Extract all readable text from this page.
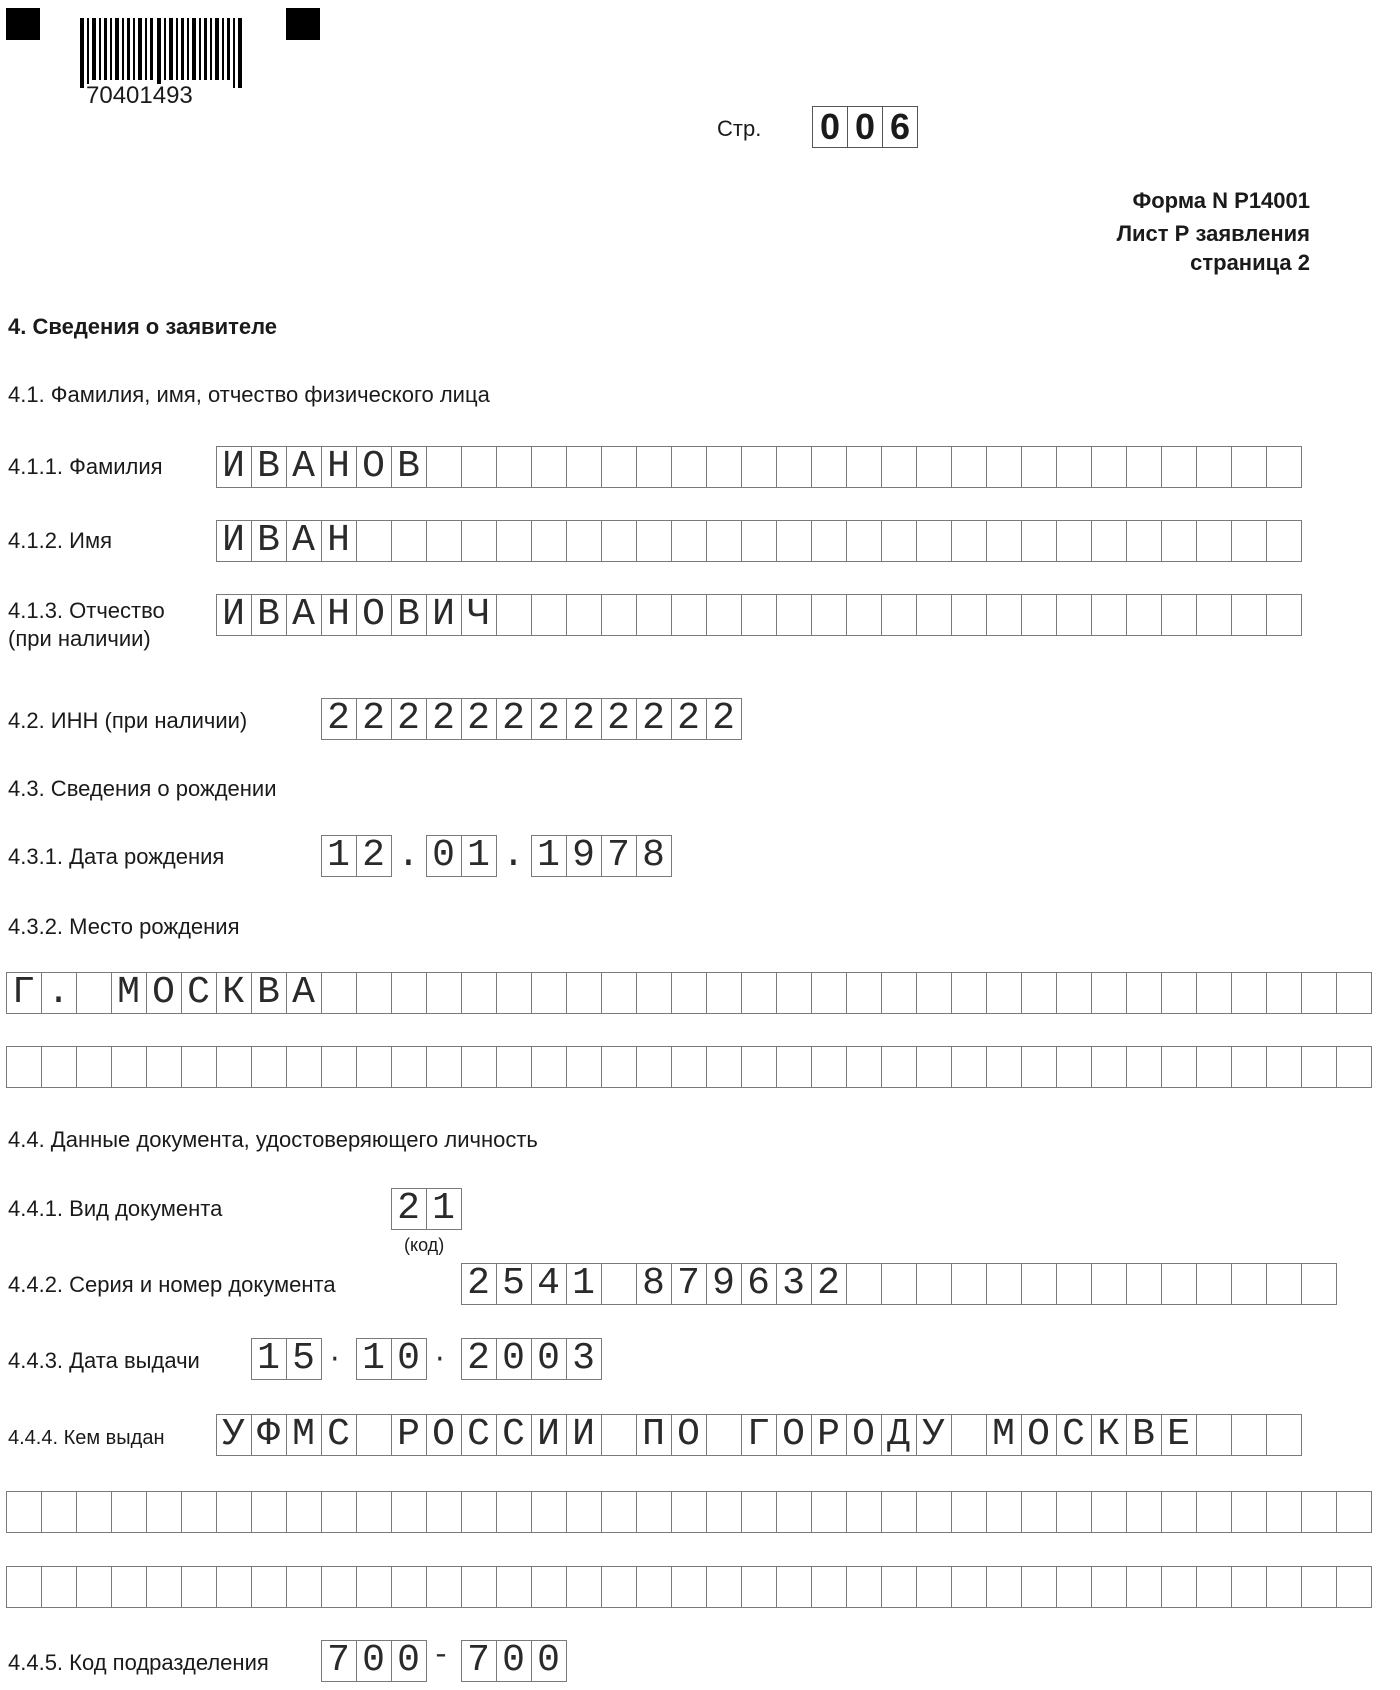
70401493
Стр. 0 0 6
Форма N Р14001
Лист Р заявления
страница 2
4. Сведения о заявителе
4.1. Фамилия, имя, отчество физического лица
4.1.1. Фамилия И В А Н О В
4.1.2. Имя	И В А Н
4.1.3. Отчество
(при наличии)
И В А Н О В И Ч
4.2. ИНН (при наличии) 2 2 2 2 2 2 2 2 2 2 2 2
4.3. Сведения о рождении
4.3.1. Дата рождения	1 2 . 0 1 . 1 9 7 8
4.3.2. Место рождения
Г . М О С К В А
4.4. Данные документа, удостоверяющего личность
4.4.1. Вид документа	2 1
(код)
4.4.2. Серия и номер документа	2 5 4 1 8 7 9 6 3 2
4.4.3. Дата выдачи 1 5 · 1 0 · 2 0 0 3
4.4.4. Кем выдан У Ф М С Р О С С И И П О Г О Р О Д У М О С К В Е
4.4.5. Код подразделения 7 0 0 - 7 0 0
